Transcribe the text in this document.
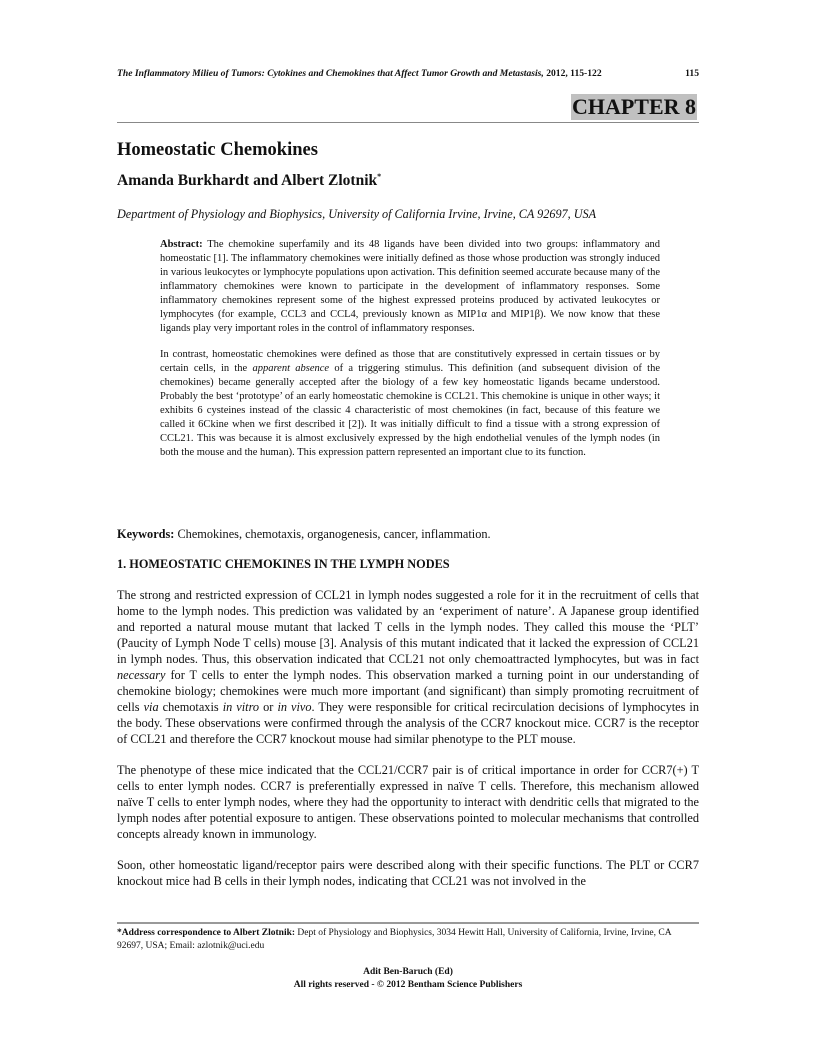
The Inflammatory Milieu of Tumors: Cytokines and Chemokines that Affect Tumor Growth and Metastasis, 2012, 115-122	115
CHAPTER 8
Homeostatic Chemokines
Amanda Burkhardt and Albert Zlotnik*
Department of Physiology and Biophysics, University of California Irvine, Irvine, CA 92697, USA

Abstract: The chemokine superfamily and its 48 ligands have been divided into two groups: inflammatory and homeostatic [1]. The inflammatory chemokines were initially defined as those whose production was strongly induced in various leukocytes or lymphocyte populations upon activation. This definition seemed accurate because many of the inflammatory chemokines were known to participate in the development of inflammatory responses. Some inflammatory chemokines represent some of the highest expressed proteins produced by activated leukocytes or lymphocytes (for example, CCL3 and CCL4, previously known as MIP1α and MIP1β). We now know that these ligands play very important roles in the control of inflammatory responses.

In contrast, homeostatic chemokines were defined as those that are constitutively expressed in certain tissues or by certain cells, in the apparent absence of a triggering stimulus. This definition (and subsequent division of the chemokines) became generally accepted after the biology of a few key homeostatic ligands became understood. Probably the best ‘prototype’ of an early homeostatic chemokine is CCL21. This chemokine is unique in other ways; it exhibits 6 cysteines instead of the classic 4 characteristic of most chemokines (in fact, because of this feature we called it 6Ckine when we first described it [2]). It was initially difficult to find a tissue with a strong expression of CCL21. This was because it is almost exclusively expressed by the high endothelial venules of the lymph nodes (in both the mouse and the human). This expression pattern represented an important clue to its function.

Keywords: Chemokines, chemotaxis, organogenesis, cancer, inflammation.
1. HOMEOSTATIC CHEMOKINES IN THE LYMPH NODES

The strong and restricted expression of CCL21 in lymph nodes suggested a role for it in the recruitment of cells that home to the lymph nodes. This prediction was validated by an ‘experiment of nature’. A Japanese group identified and reported a natural mouse mutant that lacked T cells in the lymph nodes. They called this mouse the ‘PLT’ (Paucity of Lymph Node T cells) mouse [3]. Analysis of this mutant indicated that it lacked the expression of CCL21 in lymph nodes. Thus, this observation indicated that CCL21 not only chemoattracted lymphocytes, but was in fact necessary for T cells to enter the lymph nodes. This observation marked a turning point in our understanding of chemokine biology; chemokines were much more important (and significant) than simply promoting recruitment of cells via chemotaxis in vitro or in vivo. They were responsible for critical recirculation decisions of lymphocytes in the body. These observations were confirmed through the analysis of the CCR7 knockout mice. CCR7 is the receptor of CCL21 and therefore the CCR7 knockout mouse had similar phenotype to the PLT mouse.

The phenotype of these mice indicated that the CCL21/CCR7 pair is of critical importance in order for CCR7(+) T cells to enter lymph nodes. CCR7 is preferentially expressed in naïve T cells. Therefore, this mechanism allowed naïve T cells to enter lymph nodes, where they had the opportunity to interact with dendritic cells that migrated to the lymph nodes after potential exposure to antigen. These observations pointed to molecular mechanisms that controlled concepts already known in immunology.

Soon, other homeostatic ligand/receptor pairs were described along with their specific functions. The PLT or CCR7 knockout mice had B cells in their lymph nodes, indicating that CCL21 was not involved in the

*Address correspondence to Albert Zlotnik: Dept of Physiology and Biophysics, 3034 Hewitt Hall, University of California, Irvine, Irvine, CA 92697, USA; Email: azlotnik@uci.edu
Adit Ben-Baruch (Ed)
All rights reserved - © 2012 Bentham Science Publishers
